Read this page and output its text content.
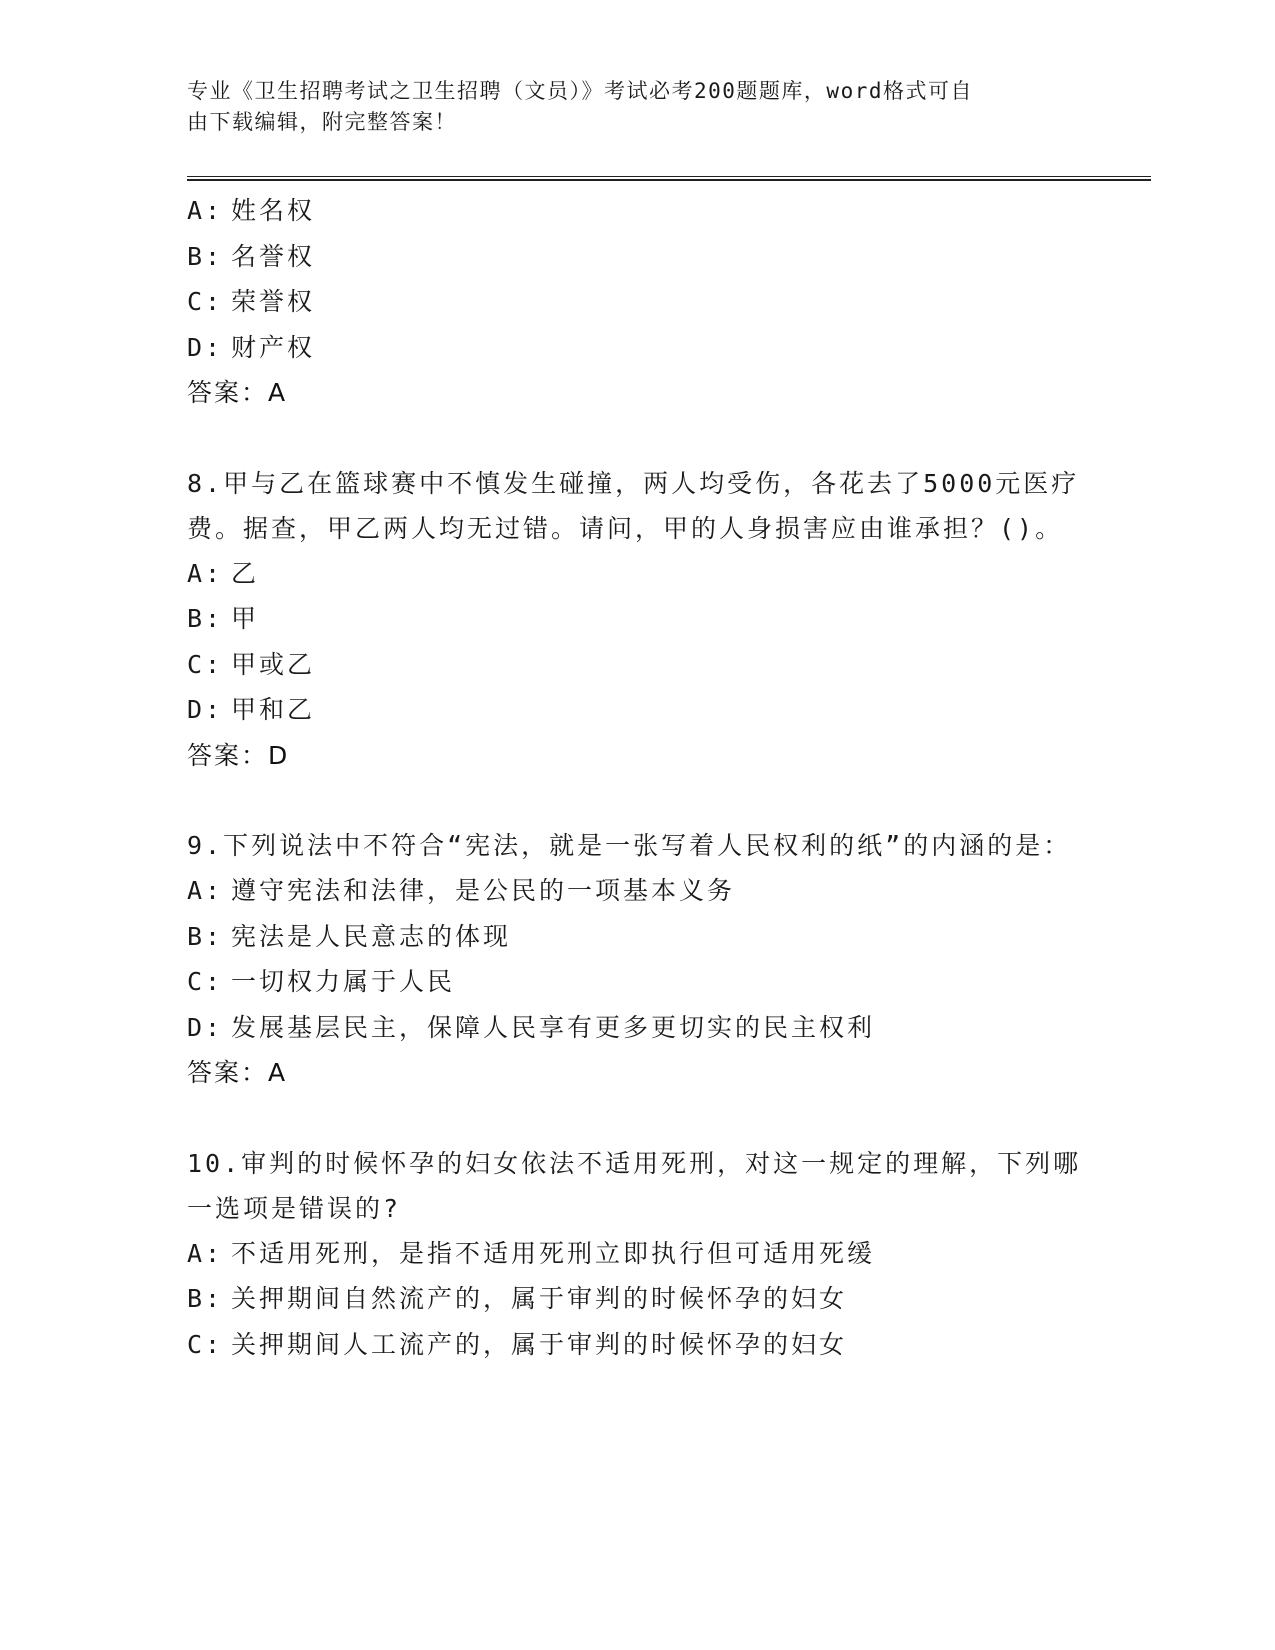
专业《卫生招聘考试之卫生招聘（文员）》考试必考200题题库，word格式可自
由下载编辑，附完整答案！
A: 姓名权
B: 名誉权
C: 荣誉权
D: 财产权
答案：A
8.甲与乙在篮球赛中不慎发生碰撞，两人均受伤，各花去了5000元医疗费。据查，甲乙两人均无过错。请问，甲的人身损害应由谁承担？()。
A: 乙
B: 甲
C: 甲或乙
D: 甲和乙
答案：D
9.下列说法中不符合“宪法，就是一张写着人民权利的纸”的内涵的是：
A: 遵守宪法和法律，是公民的一项基本义务
B: 宪法是人民意志的体现
C: 一切权力属于人民
D: 发展基层民主，保障人民享有更多更切实的民主权利
答案：A
10.审判的时候怀孕的妇女依法不适用死刑，对这一规定的理解，下列哪一选项是错误的?
A: 不适用死刑，是指不适用死刑立即执行但可适用死缓
B: 关押期间自然流产的，属于审判的时候怀孕的妇女
C: 关押期间人工流产的，属于审判的时候怀孕的妇女
